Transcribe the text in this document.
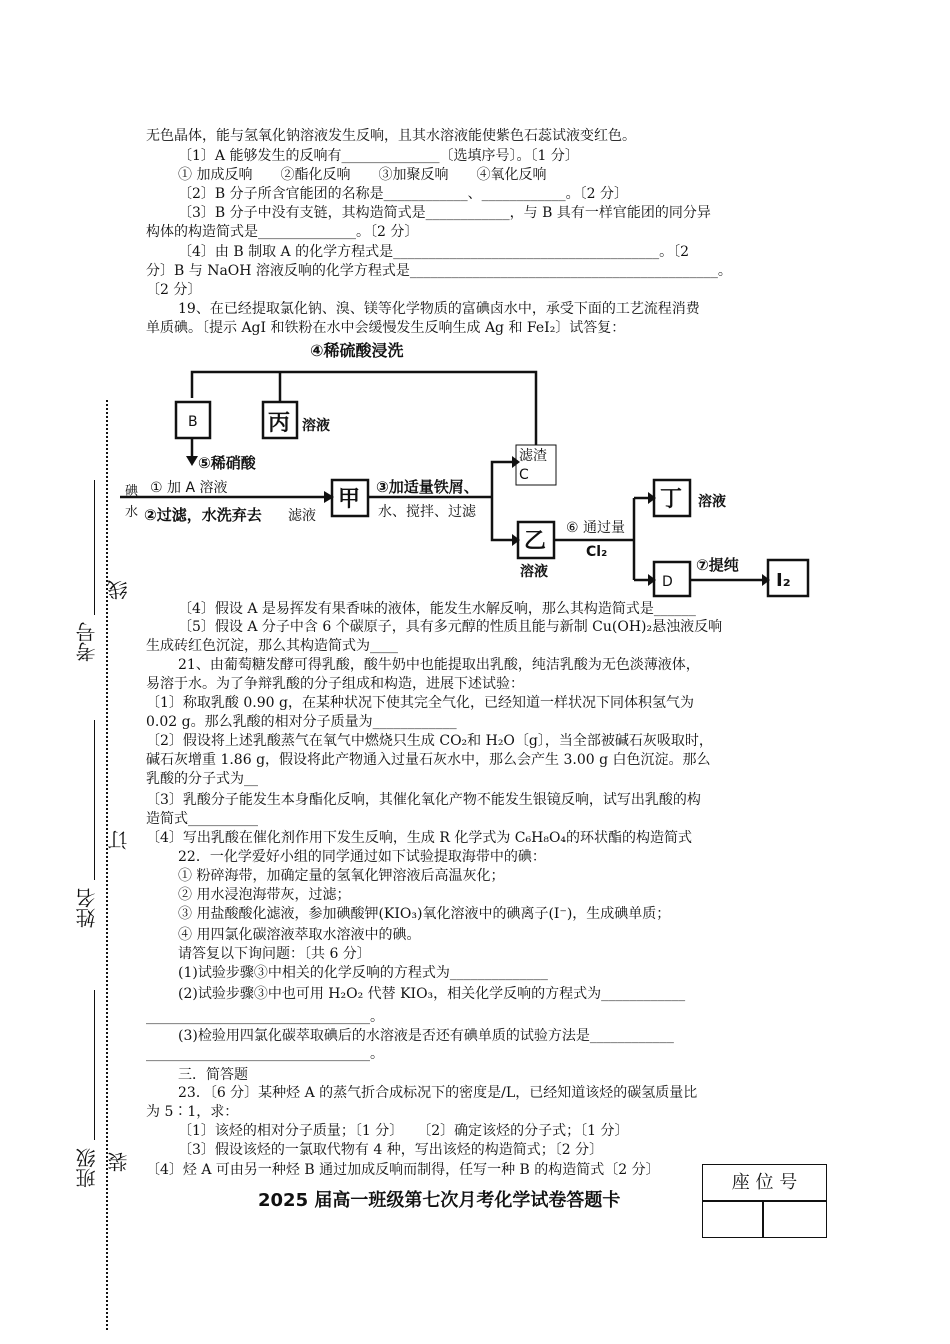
无色晶体，能与氢氧化钠溶液发生反响，且其水溶液能使紫色石蕊试液变红色。
〔1〕A 能够发生的反响有______________〔选填序号〕。〔1 分〕
① 加成反响　　②酯化反响　　③加聚反响　　④氧化反响
〔2〕B 分子所含官能团的名称是____________、____________。〔2 分〕
〔3〕B 分子中没有支链，其构造简式是____________，与 B 具有一样官能团的同分异
构体的构造简式是______________。〔2 分〕
〔4〕由 B 制取 A 的化学方程式是______________________________________。〔2
分〕B 与 NaOH 溶液反响的化学方程式是____________________________________________。
〔2 分〕
19、在已经提取氯化钠、溴、镁等化学物质的富碘卤水中，承受下面的工艺流程消费
单质碘。〔提示 AgI 和铁粉在水中会缓慢发生反响生成 Ag 和 FeI₂〕试答复：
④稀硫酸浸洗
B	丙 溶液
⑤稀硝酸	滤渣
C
碘
水
① 加 A 溶液
②过滤，水洗弃去 滤液
甲 ③加适量铁屑、
水、搅拌、过滤
乙
溶液
⑥ 通过量
Cl₂
丁 溶液
D
⑦提纯
I₂
〔4〕假设 A 是易挥发有果香味的液体，能发生水解反响，那么其构造简式是______
〔5〕假设 A 分子中含 6 个碳原子，具有多元醇的性质且能与新制 Cu(OH)₂悬浊液反响
生成砖红色沉淀，那么其构造简式为____
21、由葡萄糖发酵可得乳酸，酸牛奶中也能提取出乳酸，纯洁乳酸为无色淡薄液体，
易溶于水。为了争辩乳酸的分子组成和构造，进展下述试验：
〔1〕称取乳酸 0.90 g，在某种状况下使其完全气化，已经知道一样状况下同体积氢气为
0.02 g。那么乳酸的相对分子质量为____________
〔2〕假设将上述乳酸蒸气在氧气中燃烧只生成 CO₂和 H₂O〔g〕，当全部被碱石灰吸取时，
碱石灰增重 1.86 g，假设将此产物通入过量石灰水中，那么会产生 3.00 g 白色沉淀。那么
乳酸的分子式为__
〔3〕乳酸分子能发生本身酯化反响，其催化氧化产物不能发生银镜反响，试写出乳酸的构
造简式__________
〔4〕写出乳酸在催化剂作用下发生反响，生成 R 化学式为 C₆H₈O₄的环状酯的构造简式
22．一化学爱好小组的同学通过如下试验提取海带中的碘：
① 粉碎海带，加确定量的氢氧化钾溶液后高温灰化；
② 用水浸泡海带灰，过滤；
③ 用盐酸酸化滤液，参加碘酸钾(KIO₃)氧化溶液中的碘离子(I⁻)，生成碘单质；
④ 用四氯化碳溶液萃取水溶液中的碘。
请答复以下询问题：〔共 6 分〕
(1)试验步骤③中相关的化学反响的方程式为______________
(2)试验步骤③中也可用 H₂O₂ 代替 KIO₃，相关化学反响的方程式为____________
________________________________。
(3)检验用四氯化碳萃取碘后的水溶液是否还有碘单质的试验方法是____________
________________________________。
三．简答题
23．〔6 分〕某种烃 A 的蒸气折合成标况下的密度是/L，已经知道该烃的碳氢质量比
为 5∶1，求：
〔1〕该烃的相对分子质量；〔1 分〕　　〔2〕确定该烃的分子式；〔1 分〕
〔3〕假设该烃的一氯取代物有 4 种，写出该烃的构造简式；〔2 分〕
〔4〕烃 A 可由另一种烃 B 通过加成反响而制得，任写一种 B 的构造简式〔2 分〕
考号
线
姓名
订
班级 装
2025 届高一班级第七次月考化学试卷答题卡
座 位 号
